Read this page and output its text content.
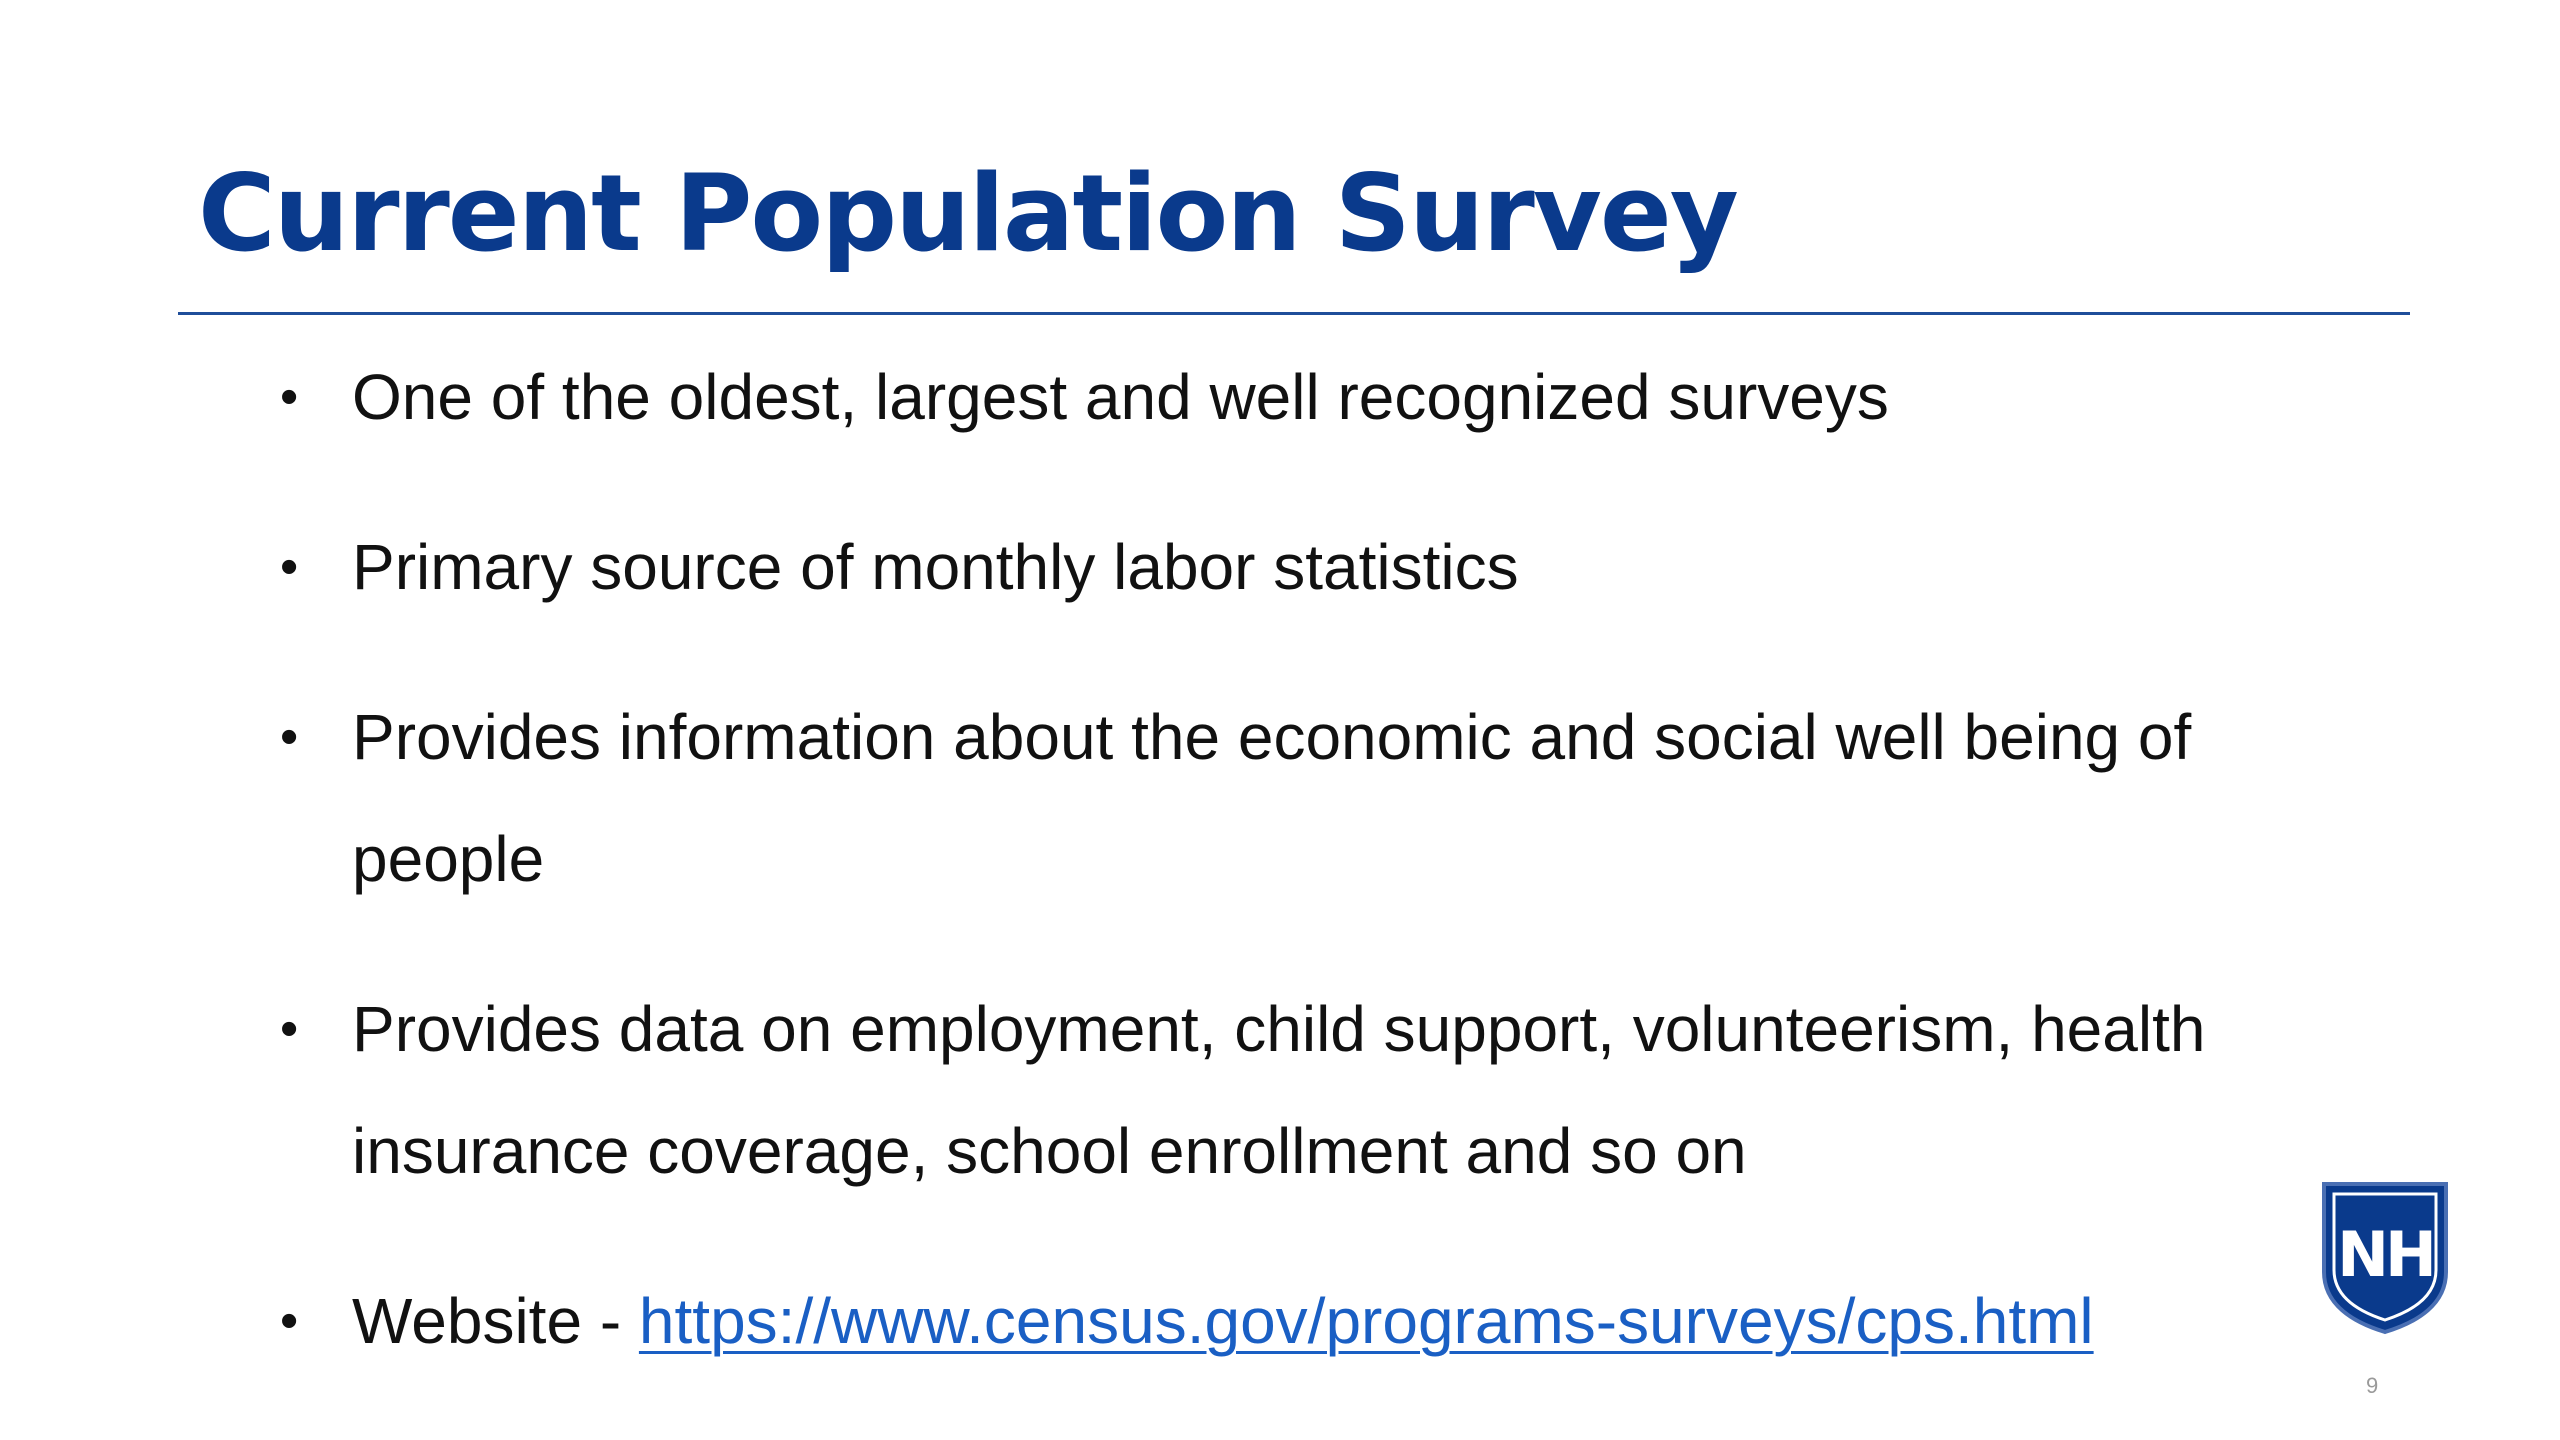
Current Population Survey
• One of the oldest, largest and well recognized surveys
• Primary source of monthly labor statistics
• Provides information about the economic and social well being of people
• Provides data on employment, child support, volunteerism, health insurance coverage, school enrollment and so on
• Website - https://www.census.gov/programs-surveys/cps.html
NH
9
